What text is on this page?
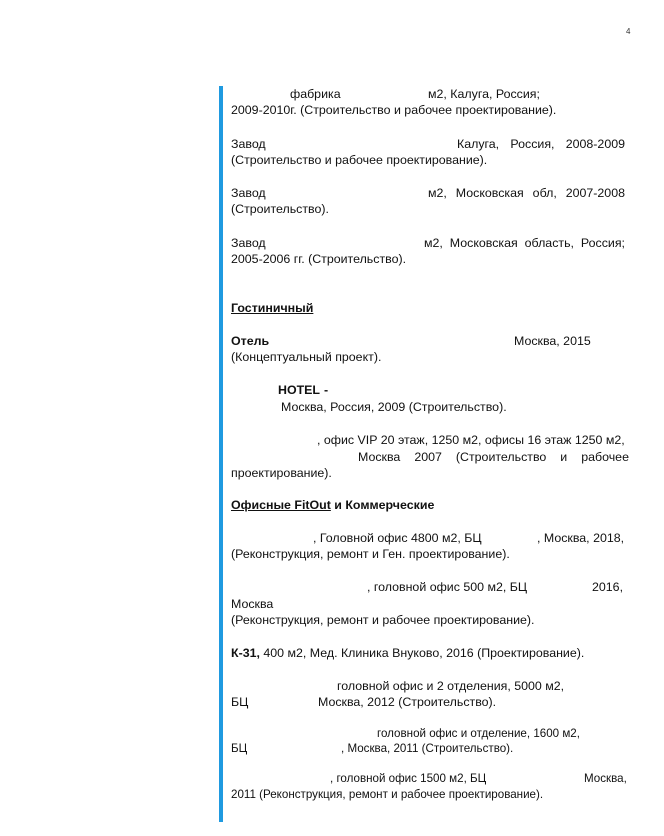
4
фабрика	м2, Калуга, Россия;
2009-2010г. (Строительство и рабочее проектирование).
Завод	Калуга, Россия, 2008-2009
(Строительство и рабочее проектирование).
Завод	м2, Московская обл, 2007-2008
(Строительство).
Завод	м2, Московская область, Россия;
2005-2006 гг. (Строительство).
Гостиничный
Отель	Москва, 2015
(Концептуальный проект).
HOTEL -
Москва, Россия, 2009 (Строительство).
, офис VIP 20 этаж, 1250 м2, офисы 16 этаж 1250 м2,
Москва 2007 (Строительство и рабочее
проектирование).
Офисные FitOut и Коммерческие
, Головной офис 4800 м2, БЦ	, Москва, 2018,
(Реконструкция, ремонт и Ген. проектирование).
, головной офис 500 м2, БЦ	2016,
Москва
(Реконструкция, ремонт и рабочее проектирование).
К-31, 400 м2, Мед. Клиника Внуково, 2016 (Проектирование).
головной офис и 2 отделения, 5000 м2,
БЦ	Москва, 2012 (Строительство).
головной офис и отделение, 1600 м2,
БЦ	, Москва, 2011 (Строительство).
, головной офис 1500 м2, БЦ	Москва,
2011 (Реконструкция, ремонт и рабочее проектирование).
